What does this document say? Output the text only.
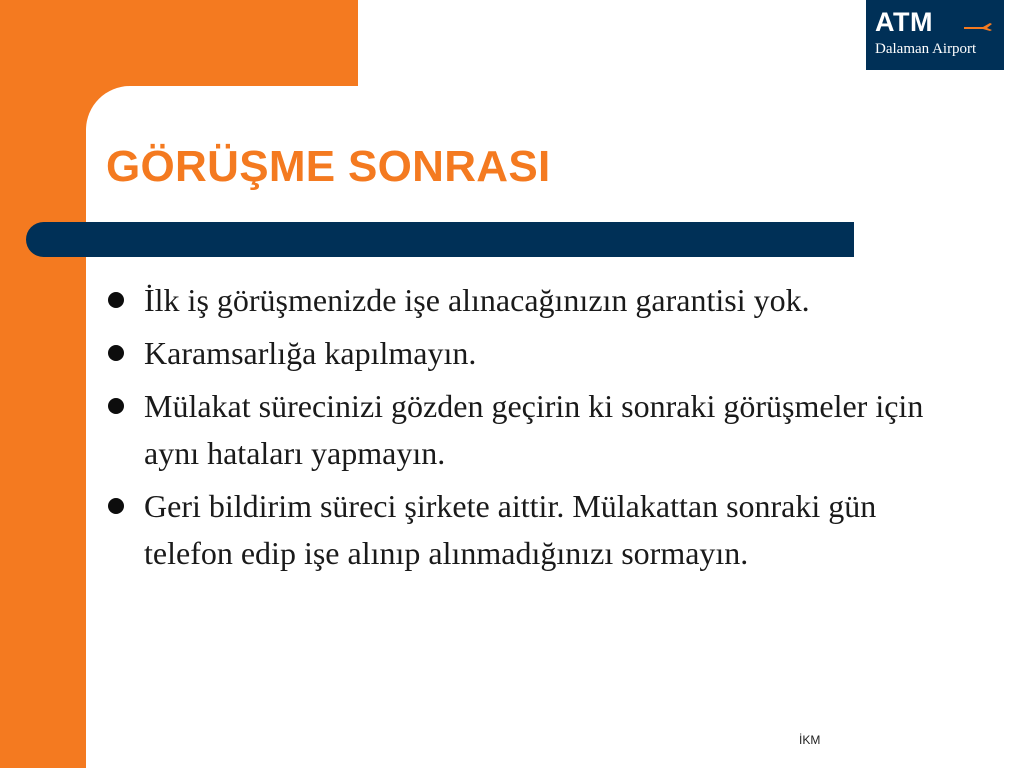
ATM
Dalaman Airport
GÖRÜŞME SONRASI
İlk iş görüşmenizde işe alınacağınızın garantisi yok.
Karamsarlığa kapılmayın.
Mülakat sürecinizi gözden geçirin ki sonraki görüşmeler için aynı hataları yapmayın.
Geri bildirim süreci şirkete aittir. Mülakattan sonraki gün telefon edip işe alınıp alınmadığınızı sormayın.
İKM
